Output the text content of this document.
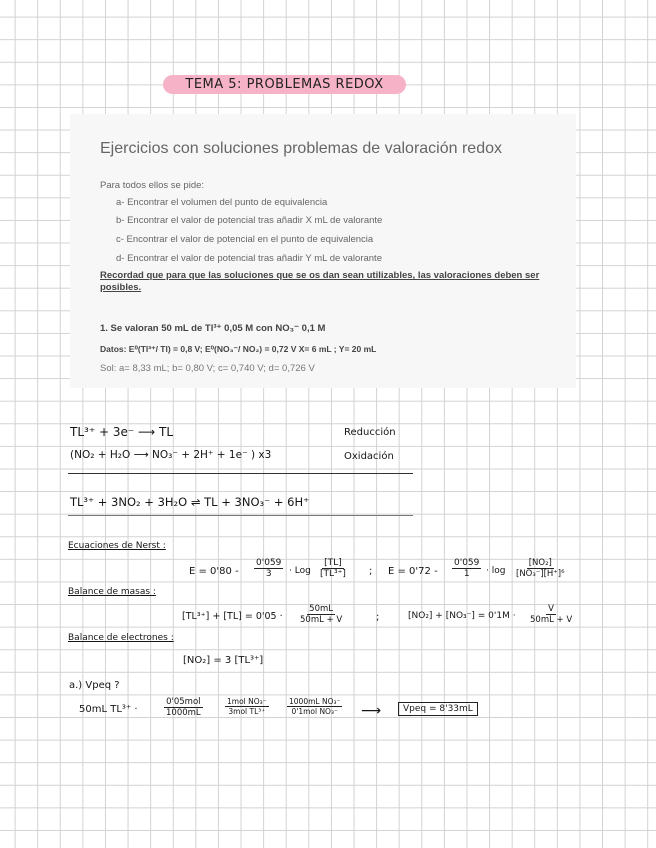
TEMA 5: PROBLEMAS REDOX
Ejercicios con soluciones problemas de valoración redox
Para todos ellos se pide:
a- Encontrar el volumen del punto de equivalencia
b- Encontrar el valor de potencial tras añadir X mL de valorante
c- Encontrar el valor de potencial en el punto de equivalencia
d- Encontrar el valor de potencial tras añadir Y mL de valorante
Recordad que para que las soluciones que se os dan sean utilizables, las valoraciones deben ser posibles.
1. Se valoran 50 mL de Tl³⁺ 0,05 M con NO₃⁻ 0,1 M
Datos: E⁰(Tl³⁺/ Tl) = 0,8 V; E⁰(NO₃⁻/ NO₂) = 0,72 V X= 6 mL ; Y= 20 mL
Sol: a= 8,33 mL; b= 0,80 V; c= 0,740 V; d= 0,726 V
TL³⁺ + 3e⁻ ⟶ TL	Reducción
(NO₂ + H₂O ⟶ NO₃⁻ + 2H⁺ + 1e⁻ ) x3	Oxidación
TL³⁺ + 3NO₂ + 3H₂O ⇌ TL + 3NO₃⁻ + 6H⁺
Ecuaciones de Nerst :
$E = 0'80 - \frac{0'059}{3}$ · Log $\frac{[TL]}{\text{[TL³⁺]}}$ ; $E = 0'72 - \frac{0'059}{1} \cdot \log \frac{\text{[NO₂]}}{\text{[NO₃⁻][H⁺]⁶}}$
Balance de masas :
$[TL^{3+}] + [TL] = 0'05 \cdot \frac{50mL}{50mL + V}$	;	$[NO_2] + [NO_3^-] = 0'1M \cdot \frac{V}{50mL + V}$
Balance de electrones :
[NO₂] = 3 [TL³⁺]
a.) Vpeq ?
50mL TL³⁺ ·
0'05mol
1000mL
1mol NO₃⁻
3mol TL³⁺
1000mL NO₃⁻
0'1mol NO₃⁻ ⟶	Vpeq = 8'33mL
